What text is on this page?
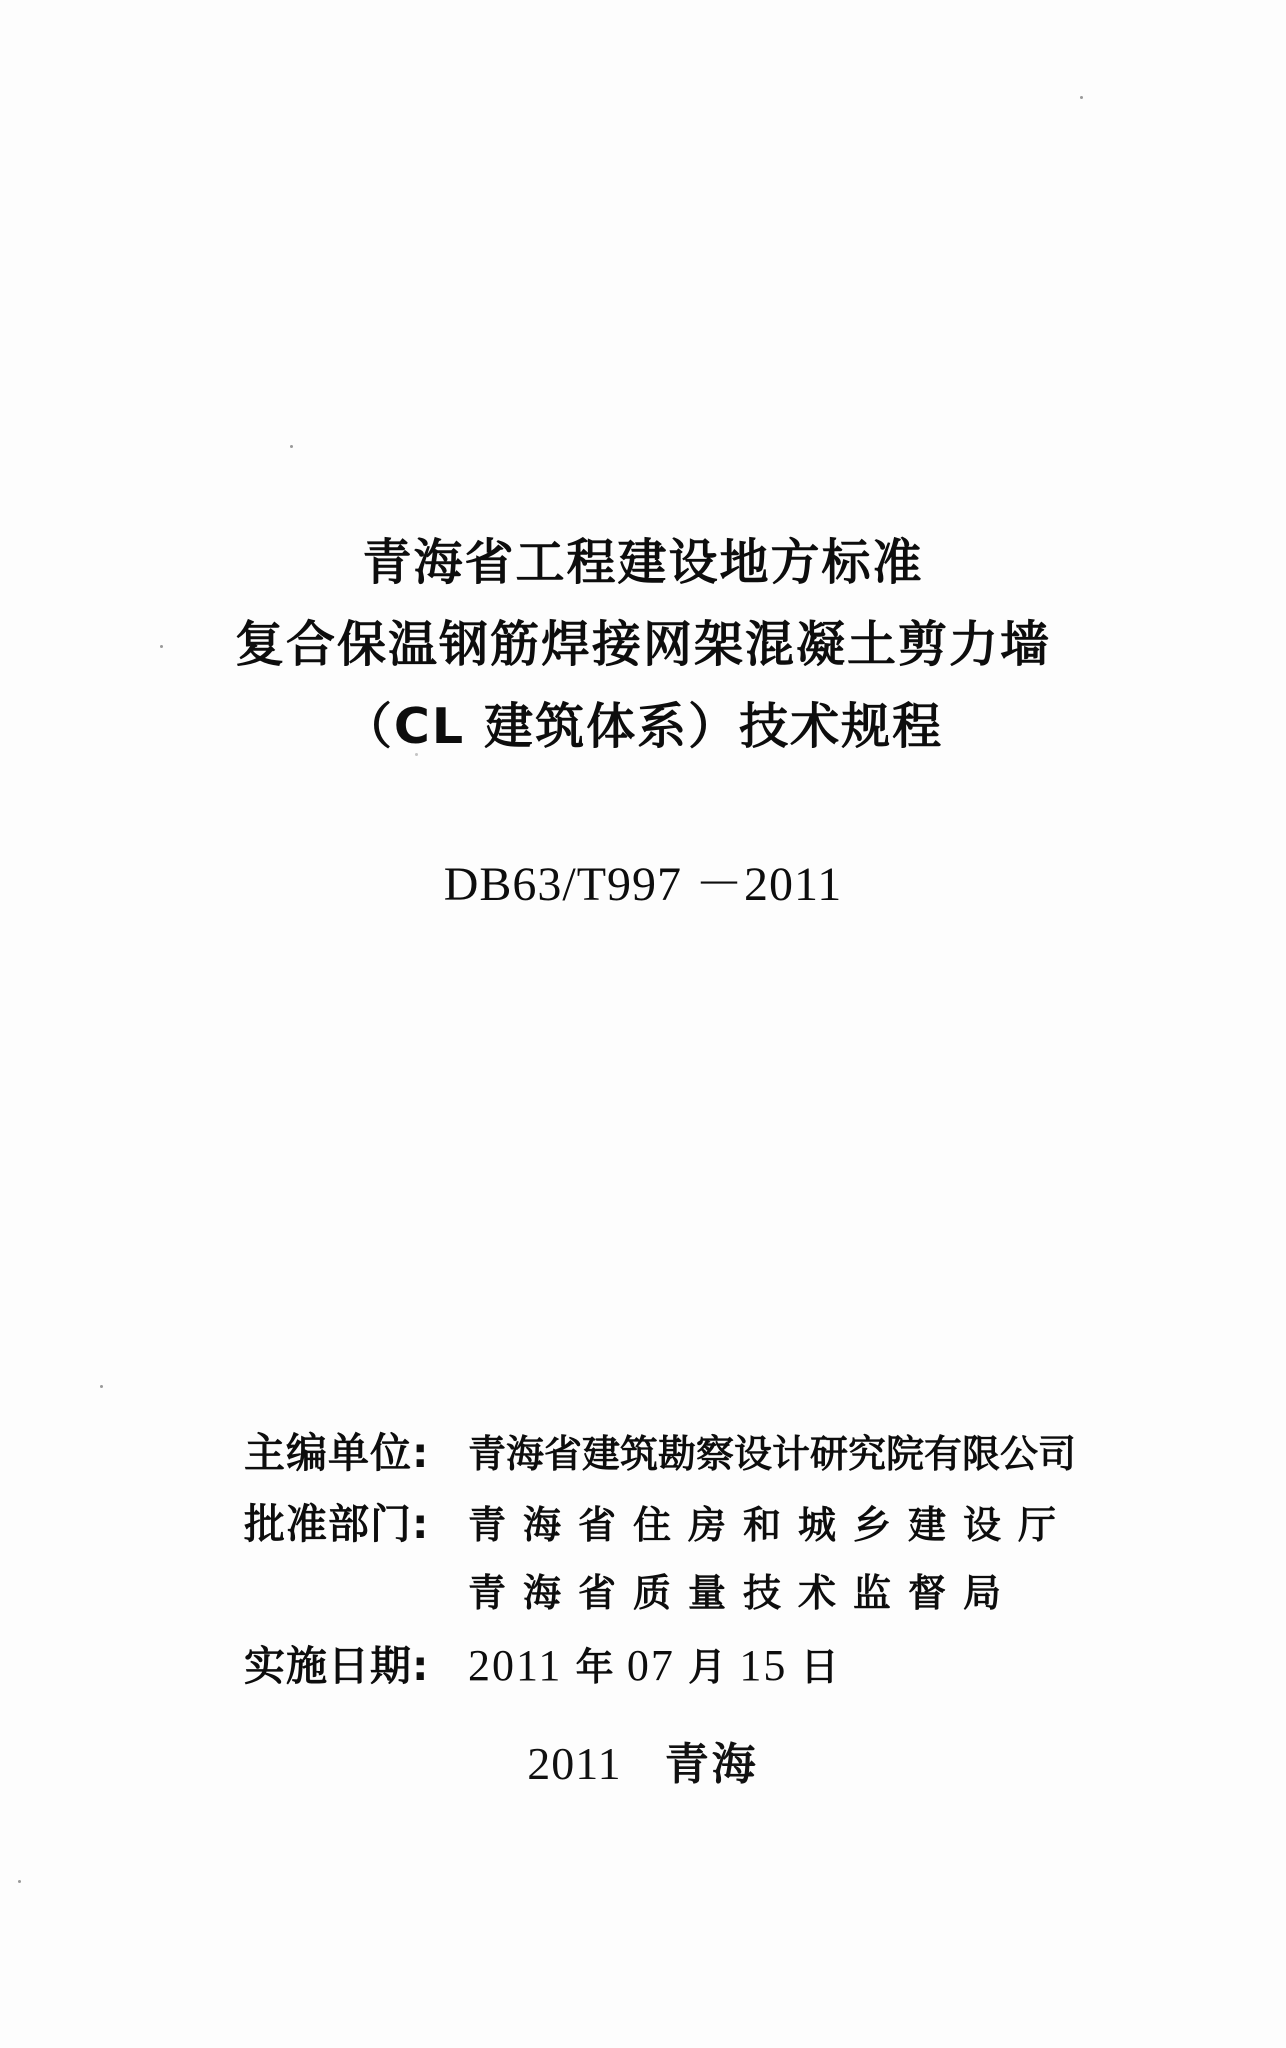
青海省工程建设地方标准
复合保温钢筋焊接网架混凝土剪力墙
（CL 建筑体系）技术规程
DB63/T997 －2011
主编单位:	青海省建筑勘察设计研究院有限公司
批准部门:	青海省住房和城乡建设厅
青海省质量技术监督局
实施日期: 2011 年 07 月 15 日
2011 青海
